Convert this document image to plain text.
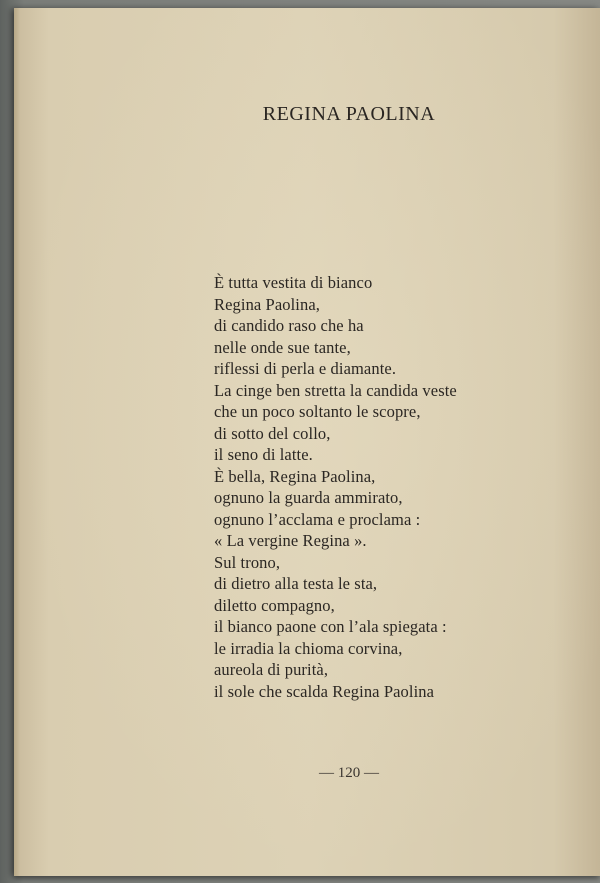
REGINA PAOLINA
È tutta vestita di bianco
Regina Paolina,
di candido raso che ha
nelle onde sue tante,
riflessi di perla e diamante.
La cinge ben stretta la candida veste
che un poco soltanto le scopre,
di sotto del collo,
il seno di latte.
È bella, Regina Paolina,
ognuno la guarda ammirato,
ognuno l’acclama e proclama :
« La vergine Regina ».
Sul trono,
di dietro alla testa le sta,
diletto compagno,
il bianco paone con l’ala spiegata :
le irradia la chioma corvina,
aureola di purità,
il sole che scalda Regina Paolina

— 120 —
